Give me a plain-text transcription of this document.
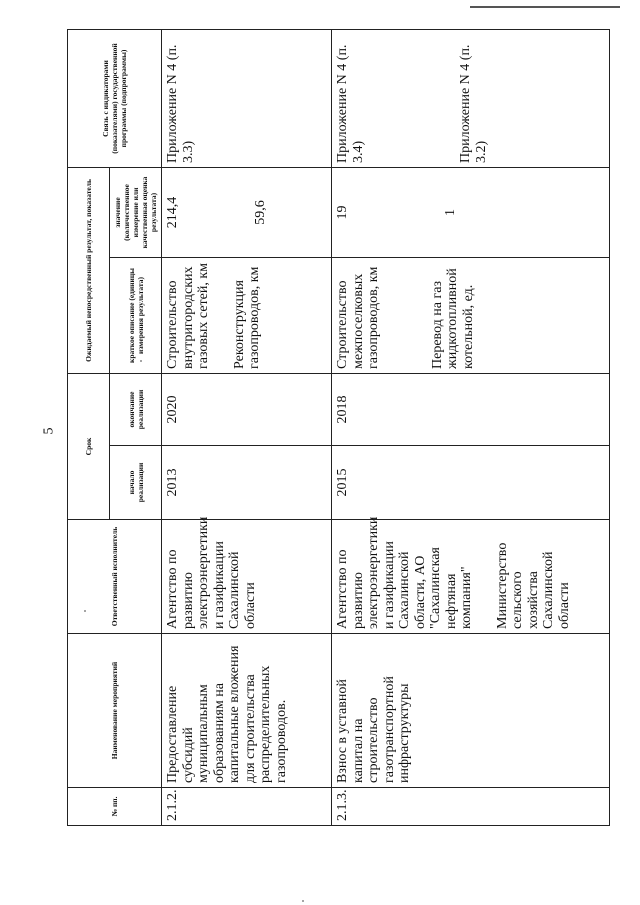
5
№ пп.	Наименование мероприятий	Ответственный исполнитель	Срок		Ожидаемый непосредственный результат, показатель		Связь с индикаторами (показателями) государственной программы (подпрограммы)
			начало реализации	окончание реализации	краткое описание (единицы измерения результата)	значение (количественное измерение или качественная оценка результата)	
2.1.2.	Предоставление субсидий муниципальным образованиям на капитальные вложения для строительства распределительных газопроводов.	Агентство по развитию электроэнергетики и газификации Сахалинской области	2013	2020	Строительство внутригородских газовых сетей, км Реконструкция газопроводов, км	214,4 59,6	Приложение N 4 (п. 3.3)
2.1.3.	Взнос в уставной капитал на строительство газотранспортной инфраструктуры	Агентство по развитию электроэнергетики и газификации Сахалинской области, АО "Сахалинская нефтяная компания" Министерство сельского хозяйства Сахалинской области	2015	2018	Строительство межпоселковых газопроводов, км Перевод на газ жидкотопливной котельной, ед.	19 1	Приложение N 4 (п. 3.4) Приложение N 4 (п. 3.2)
